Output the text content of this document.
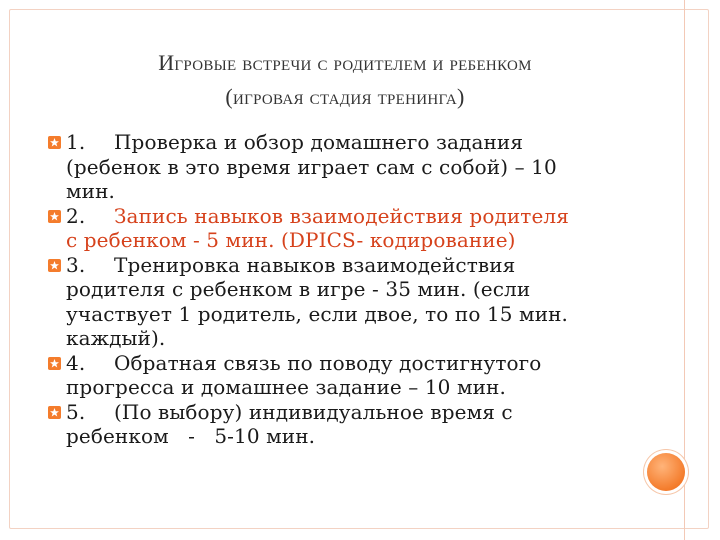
Игровые встречи с родителем и ребенком
(игровая стадия тренинга)
1. Проверка и обзор домашнего задания
(ребенок в это время играет сам с собой) – 10
мин.
2. Запись навыков взаимодействия родителя
с ребенком - 5 мин. (DPICS- кодирование)
3. Тренировка навыков взаимодействия
родителя с ребенком в игре - 35 мин. (если
участвует 1 родитель, если двое, то по 15 мин.
каждый).
4. Обратная связь по поводу достигнутого
прогресса и домашнее задание – 10 мин.
5. (По выбору) индивидуальное время с
ребенком   -   5-10 мин.
